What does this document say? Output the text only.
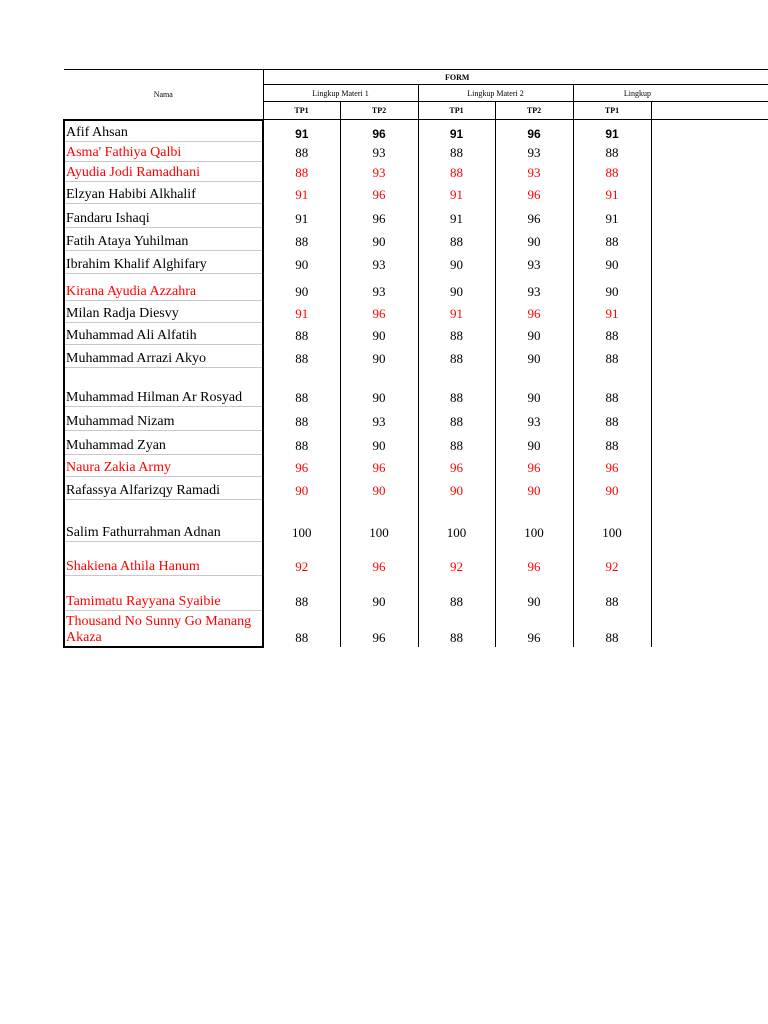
Nama	FORM					
	Lingkup Materi 1		Lingkup Materi 2		Lingkup	
	TP1	TP2	TP1	TP2	TP1	
Afif Ahsan	91	96	91	96	91	
Asma' Fathiya Qalbi	88	93	88	93	88	
Ayudia Jodi Ramadhani	88	93	88	93	88	
Elzyan Habibi Alkhalif	91	96	91	96	91	
Fandaru Ishaqi	91	96	91	96	91	
Fatih Ataya Yuhilman	88	90	88	90	88	
Ibrahim Khalif Alghifary	90	93	90	93	90	
Kirana Ayudia Azzahra	90	93	90	93	90	
Milan Radja Diesvy	91	96	91	96	91	
Muhammad Ali Alfatih	88	90	88	90	88	
Muhammad Arrazi Akyo	88	90	88	90	88	
Muhammad Hilman Ar Rosyad	88	90	88	90	88	
Muhammad Nizam	88	93	88	93	88	
Muhammad Zyan	88	90	88	90	88	
Naura Zakia Army	96	96	96	96	96	
Rafassya Alfarizqy Ramadi	90	90	90	90	90	
Salim Fathurrahman Adnan	100	100	100	100	100	
Shakiena Athila Hanum	92	96	92	96	92	
Tamimatu Rayyana Syaibie	88	90	88	90	88	
Thousand No Sunny Go Manang Akaza	88	96	88	96	88	
